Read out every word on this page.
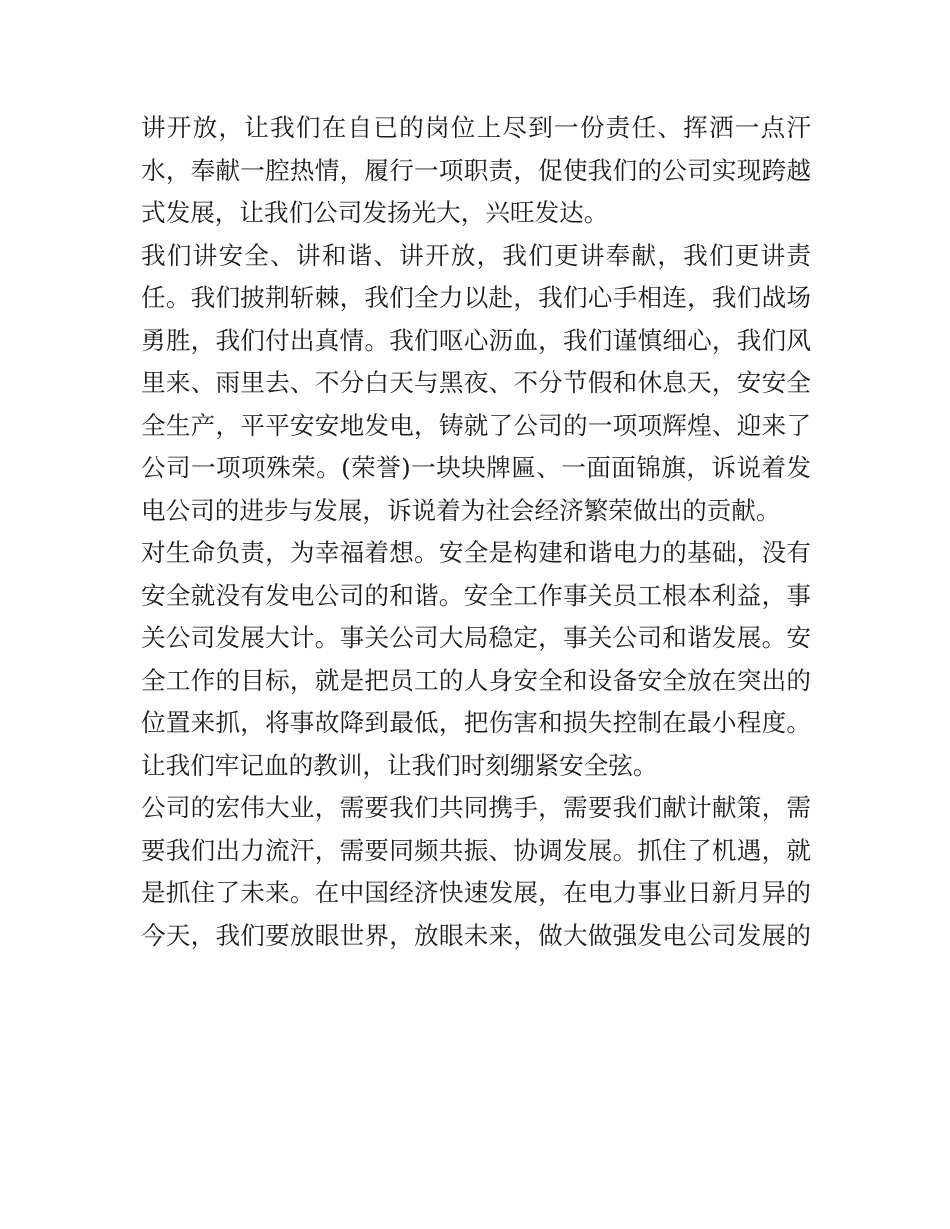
讲开放，让我们在自已的岗位上尽到一份责任、挥洒一点汗
水，奉献一腔热情，履行一项职责，促使我们的公司实现跨越
式发展，让我们公司发扬光大，兴旺发达。
我们讲安全、讲和谐、讲开放，我们更讲奉献，我们更讲责
任。我们披荆斩棘，我们全力以赴，我们心手相连，我们战场
勇胜，我们付出真情。我们呕心沥血，我们谨慎细心，我们风
里来、雨里去、不分白天与黑夜、不分节假和休息天，安安全
全生产，平平安安地发电，铸就了公司的一项项辉煌、迎来了
公司一项项殊荣。(荣誉)一块块牌匾、一面面锦旗，诉说着发
电公司的进步与发展，诉说着为社会经济繁荣做出的贡献。
对生命负责，为幸福着想。安全是构建和谐电力的基础，没有
安全就没有发电公司的和谐。安全工作事关员工根本利益，事
关公司发展大计。事关公司大局稳定，事关公司和谐发展。安
全工作的目标，就是把员工的人身安全和设备安全放在突出的
位置来抓，将事故降到最低，把伤害和损失控制在最小程度。
让我们牢记血的教训，让我们时刻绷紧安全弦。
公司的宏伟大业，需要我们共同携手，需要我们献计献策，需
要我们出力流汗，需要同频共振、协调发展。抓住了机遇，就
是抓住了未来。在中国经济快速发展，在电力事业日新月异的
今天，我们要放眼世界，放眼未来，做大做强发电公司发展的
